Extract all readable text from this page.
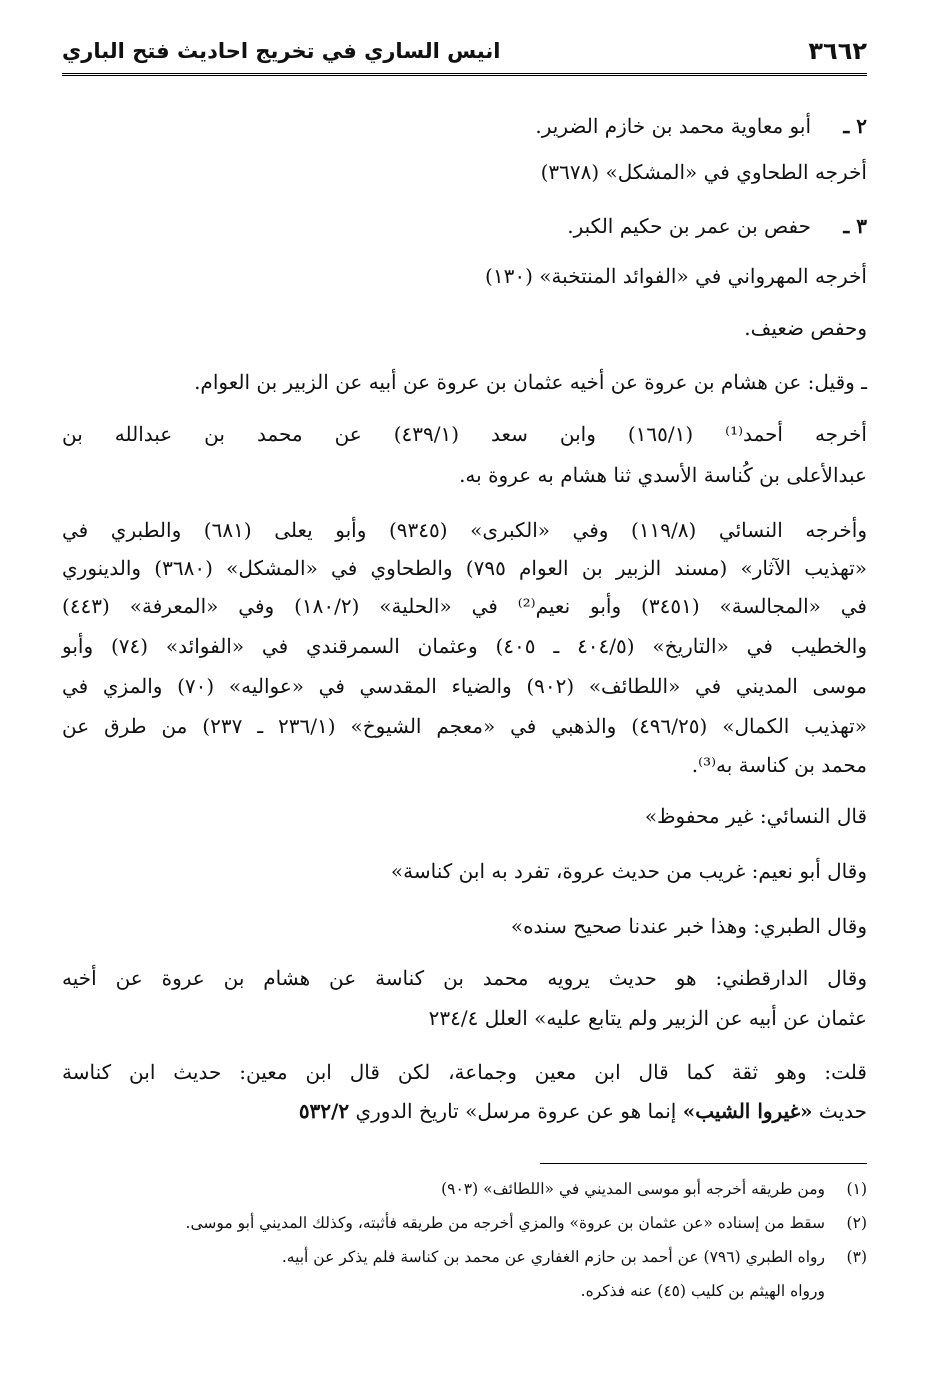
٣٦٦٢
انيس الساري في تخريج احاديث فتح الباري
٢ ـأبو معاوية محمد بن خازم الضرير.
أخرجه الطحاوي في «المشكل» (٣٦٧٨)
٣ ـحفص بن عمر بن حكيم الكبر.
أخرجه المهرواني في «الفوائد المنتخبة» (١٣٠)
وحفص ضعيف.
ـ وقيل: عن هشام بن عروة عن أخيه عثمان بن عروة عن أبيه عن الزبير بن العوام.
أخرجه أحمد⁽¹⁾ (١٦٥/١) وابن سعد (٤٣٩/١) عن محمد بن عبدالله بن
عبدالأعلى بن كُناسة الأسدي ثنا هشام به عروة به.
وأخرجه النسائي (١١٩/٨) وفي «الكبرى» (٩٣٤٥) وأبو يعلى (٦٨١) والطبري في
«تهذيب الآثار» (مسند الزبير بن العوام ٧٩٥) والطحاوي في «المشكل» (٣٦٨٠) والدينوري
في «المجالسة» (٣٤٥١) وأبو نعيم⁽²⁾ في «الحلية» (١٨٠/٢) وفي «المعرفة» (٤٤٣)
والخطيب في «التاريخ» (٤٠٤/٥ ـ ٤٠٥) وعثمان السمرقندي في «الفوائد» (٧٤) وأبو
موسى المديني في «اللطائف» (٩٠٢) والضياء المقدسي في «عواليه» (٧٠) والمزي في
«تهذيب الكمال» (٤٩٦/٢٥) والذهبي في «معجم الشيوخ» (٢٣٦/١ ـ ٢٣٧) من طرق عن
محمد بن كناسة به⁽³⁾.
قال النسائي: غير محفوظ»
وقال أبو نعيم: غريب من حديث عروة، تفرد به ابن كناسة»
وقال الطبري: وهذا خبر عندنا صحيح سنده»
وقال الدارقطني: هو حديث يرويه محمد بن كناسة عن هشام بن عروة عن أخيه
عثمان عن أبيه عن الزبير ولم يتابع عليه» العلل ٢٣٤/٤
قلت: وهو ثقة كما قال ابن معين وجماعة، لكن قال ابن معين: حديث ابن كناسة
حديث «غيروا الشيب» إنما هو عن عروة مرسل» تاريخ الدوري ٥٣٢/٢
(١)ومن طريقه أخرجه أبو موسى المديني في «اللطائف» (٩٠٣)
(٢)سقط من إسناده «عن عثمان بن عروة» والمزي أخرجه من طريقه فأثبته، وكذلك المديني أبو موسى.
(٣)رواه الطبري (٧٩٦) عن أحمد بن حازم الغفاري عن محمد بن كناسة فلم يذكر عن أبيه.
ورواه الهيثم بن كليب (٤٥) عنه فذكره.
